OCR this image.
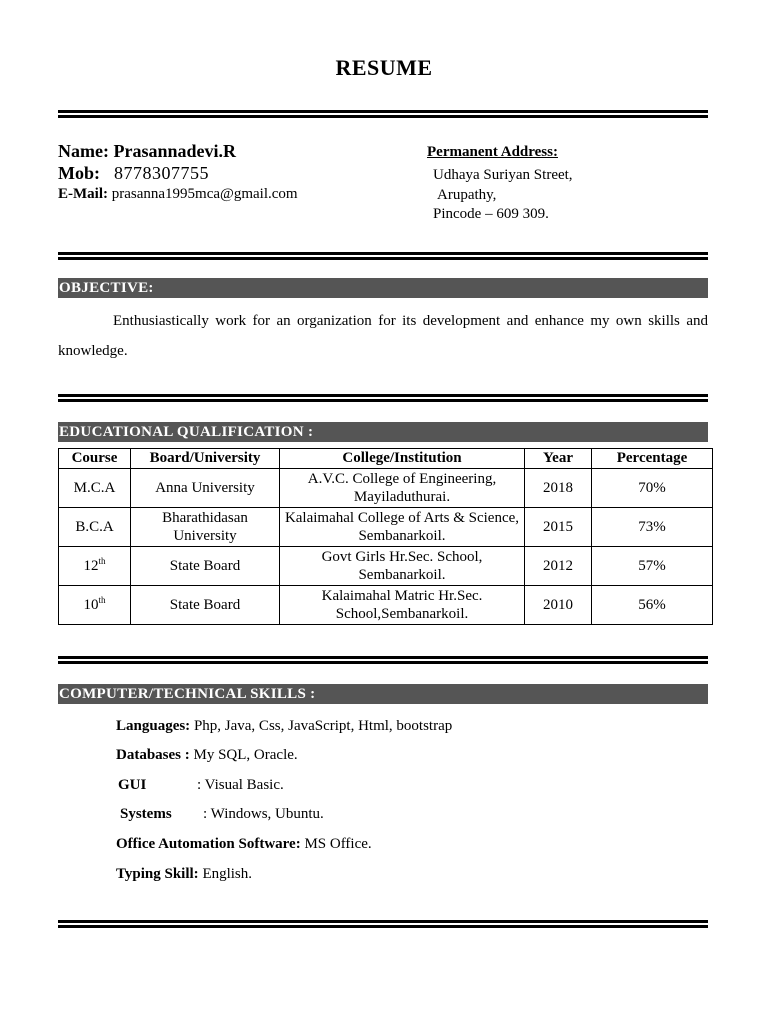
RESUME
Name: Prasannadevi.R
Mob: 8778307755
E-Mail: prasanna1995mca@gmail.com
Permanent Address:
Udhaya Suriyan Street,
Arupathy,
Pincode – 609 309.
OBJECTIVE:
Enthusiastically work for an organization for its development and enhance my own skills and knowledge.
EDUCATIONAL QUALIFICATION :
Course	Board/University	College/Institution	Year	Percentage
M.C.A	Anna University	A.V.C. College of Engineering, Mayiladuthurai.	2018	70%
B.C.A	Bharathidasan University	Kalaimahal College of Arts & Science, Sembanarkoil.	2015	73%
12th	State Board	Govt Girls Hr.Sec. School, Sembanarkoil.	2012	57%
10th	State Board	Kalaimahal Matric Hr.Sec. School,Sembanarkoil.	2010	56%
COMPUTER/TECHNICAL SKILLS :
Languages: Php, Java, Css, JavaScript, Html, bootstrap
Databases : My SQL, Oracle.
GUI	: Visual Basic.
Systems : Windows, Ubuntu.
Office Automation Software: MS Office.
Typing Skill: English.
